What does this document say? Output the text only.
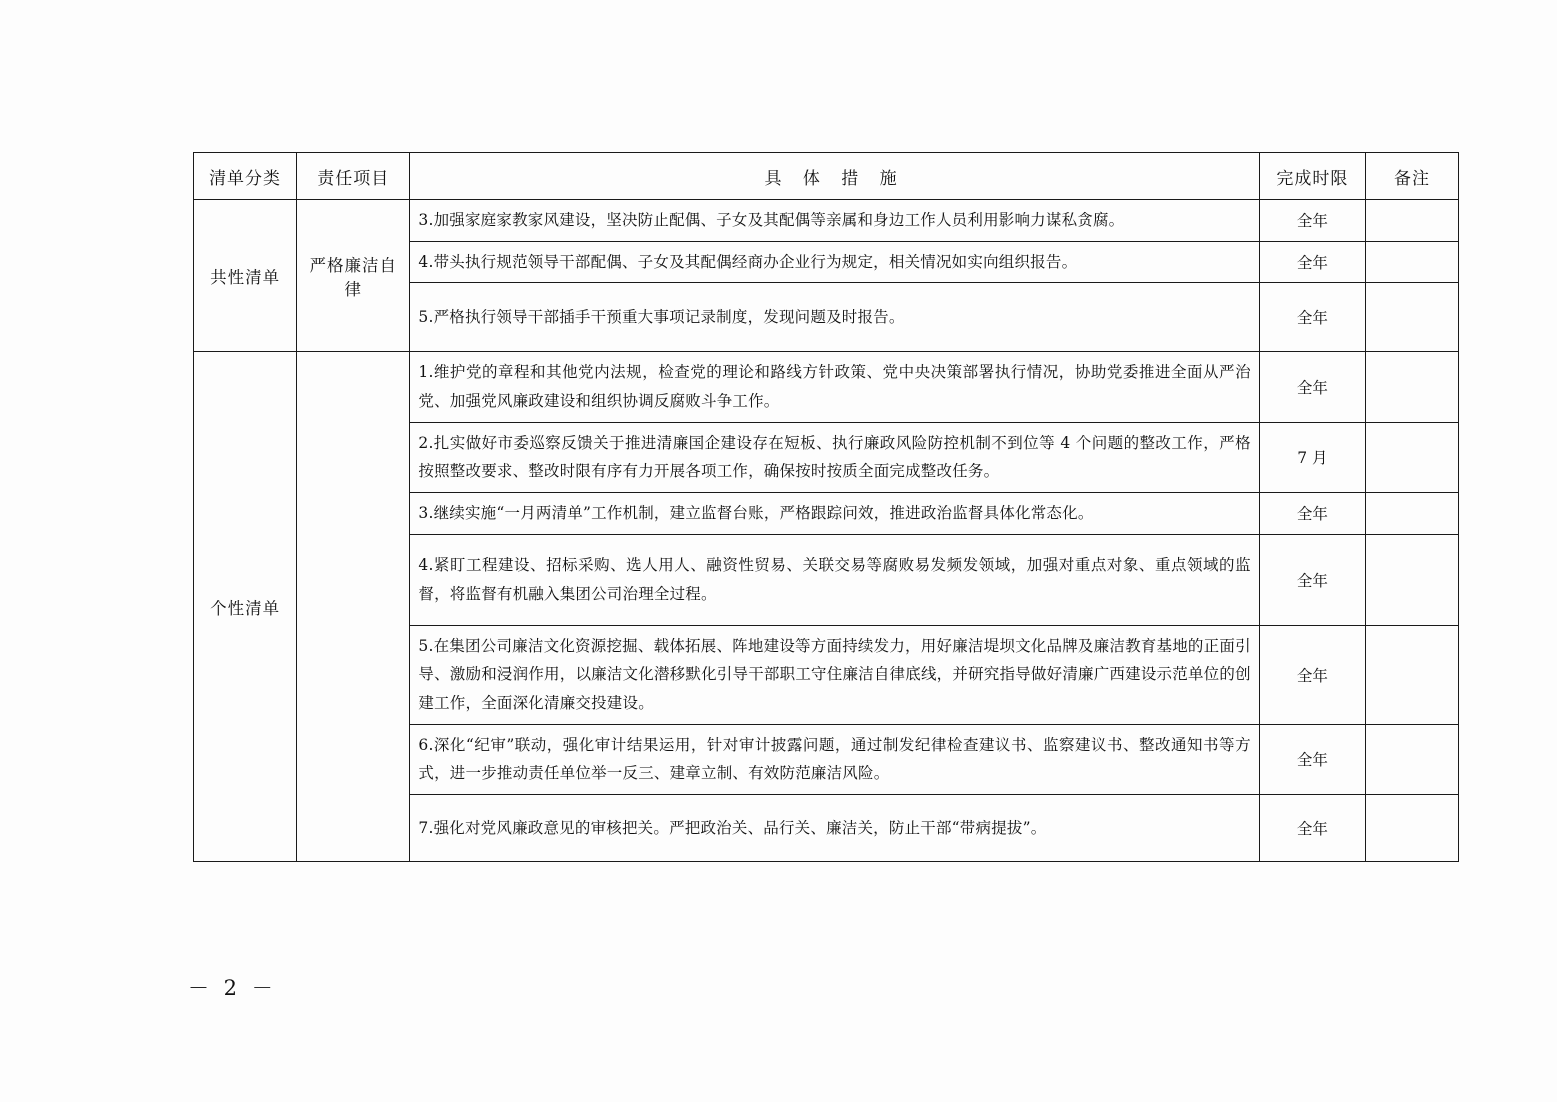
清单分类	责任项目	具 体 措 施	完成时限	备注
共性清单	严格廉洁自律	3.加强家庭家教家风建设，坚决防止配偶、子女及其配偶等亲属和身边工作人员利用影响力谋私贪腐。	全年	
		4.带头执行规范领导干部配偶、子女及其配偶经商办企业行为规定，相关情况如实向组织报告。	全年	
		5.严格执行领导干部插手干预重大事项记录制度，发现问题及时报告。	全年	
个性清单		1.维护党的章程和其他党内法规，检查党的理论和路线方针政策、党中央决策部署执行情况，协助党委推进全面从严治党、加强党风廉政建设和组织协调反腐败斗争工作。	全年	
		2.扎实做好市委巡察反馈关于推进清廉国企建设存在短板、执行廉政风险防控机制不到位等 4 个问题的整改工作，严格按照整改要求、整改时限有序有力开展各项工作，确保按时按质全面完成整改任务。	7 月	
		3.继续实施“一月两清单”工作机制，建立监督台账，严格跟踪问效，推进政治监督具体化常态化。	全年	
		4.紧盯工程建设、招标采购、选人用人、融资性贸易、关联交易等腐败易发频发领域，加强对重点对象、重点领域的监督，将监督有机融入集团公司治理全过程。	全年	
		5.在集团公司廉洁文化资源挖掘、载体拓展、阵地建设等方面持续发力，用好廉洁堤坝文化品牌及廉洁教育基地的正面引导、激励和浸润作用，以廉洁文化潜移默化引导干部职工守住廉洁自律底线，并研究指导做好清廉广西建设示范单位的创建工作，全面深化清廉交投建设。	全年	
		6.深化“纪审”联动，强化审计结果运用，针对审计披露问题，通过制发纪律检查建议书、监察建议书、整改通知书等方式，进一步推动责任单位举一反三、建章立制、有效防范廉洁风险。	全年	
		7.强化对党风廉政意见的审核把关。严把政治关、品行关、廉洁关，防止干部“带病提拔”。	全年	
－ 2 －
